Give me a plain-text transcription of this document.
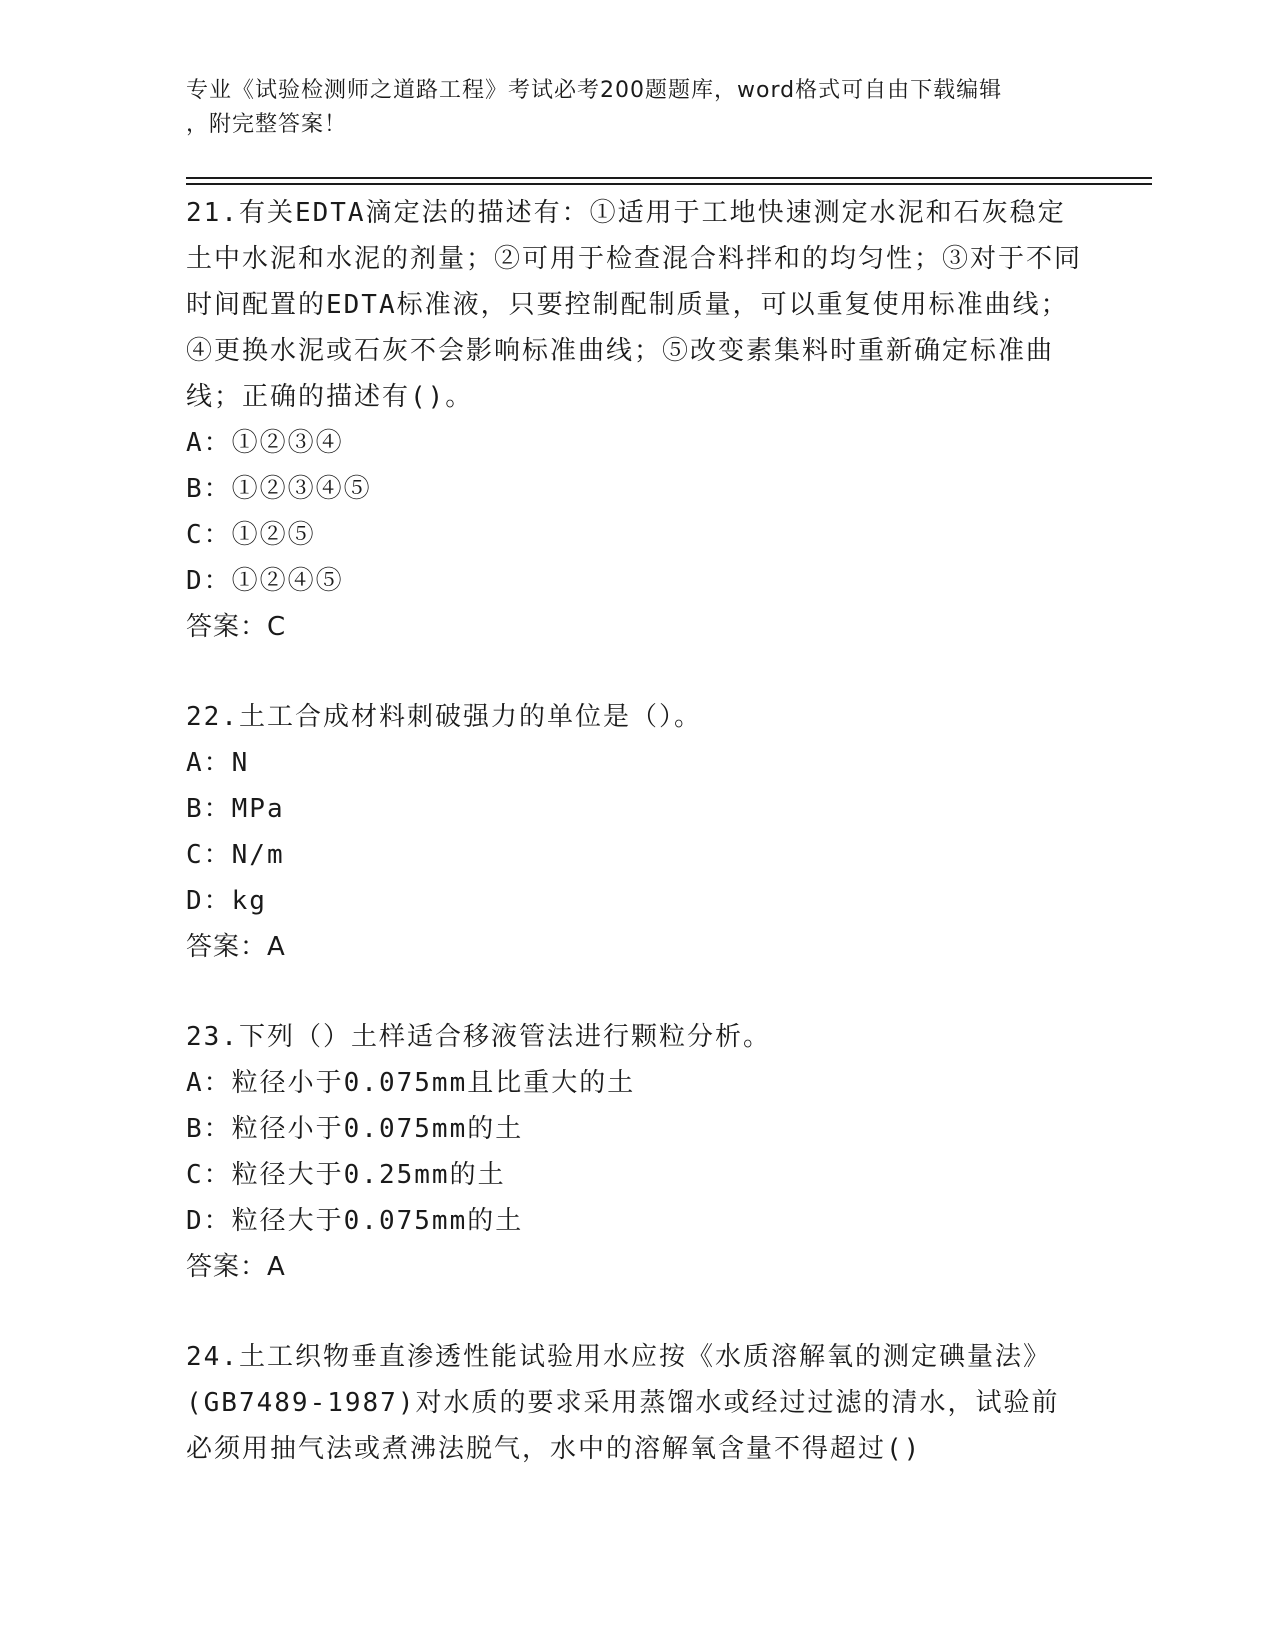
专业《试验检测师之道路工程》考试必考200题题库，word格式可自由下载编辑
，附完整答案！

21.有关EDTA滴定法的描述有：①适用于工地快速测定水泥和石灰稳定土中水泥和水泥的剂量；②可用于检查混合料拌和的均匀性；③对于不同时间配置的EDTA标准液，只要控制配制质量，可以重复使用标准曲线；④更换水泥或石灰不会影响标准曲线；⑤改变素集料时重新确定标准曲线；正确的描述有()。

A：①②③④

B：①②③④⑤

C：①②⑤

D：①②④⑤

答案：C

22.土工合成材料刺破强力的单位是（）。

A：N

B：MPa

C：N/m

D：kg

答案：A

23.下列（）土样适合移液管法进行颗粒分析。

A：粒径小于0.075mm且比重大的土

B：粒径小于0.075mm的土

C：粒径大于0.25mm的土

D：粒径大于0.075mm的土

答案：A

24.土工织物垂直渗透性能试验用水应按《水质溶解氧的测定碘量法》(GB7489-1987)对水质的要求采用蒸馏水或经过过滤的清水，试验前必须用抽气法或煮沸法脱气，水中的溶解氧含量不得超过()
